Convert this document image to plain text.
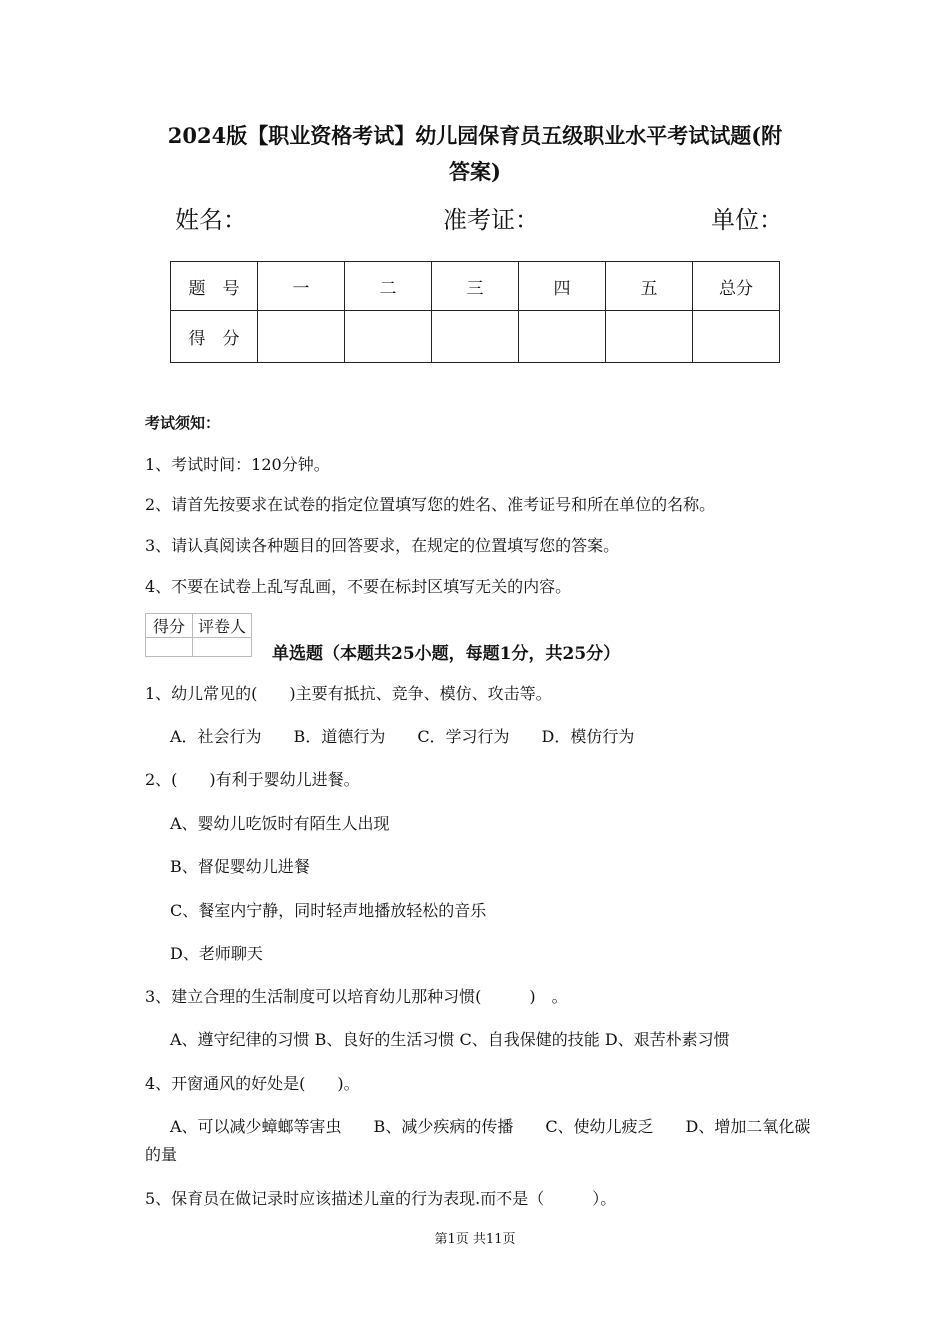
2024版【职业资格考试】幼儿园保育员五级职业水平考试试题(附
答案)
姓名：	准考证：	单位：
题　号	一	二	三	四	五	总分
得　分						
考试须知：
1、考试时间：120分钟。
2、请首先按要求在试卷的指定位置填写您的姓名、准考证号和所在单位的名称。
3、请认真阅读各种题目的回答要求，在规定的位置填写您的答案。
4、不要在试卷上乱写乱画，不要在标封区填写无关的内容。
得分	评卷人

单选题（本题共25小题，每题1分，共25分）
1、幼儿常见的(　　)主要有抵抗、竞争、模仿、攻击等。
A．社会行为　　B．道德行为　　C．学习行为　　D．模仿行为
2、(　　)有利于婴幼儿进餐。
A、婴幼儿吃饭时有陌生人出现
B、督促婴幼儿进餐
C、餐室内宁静，同时轻声地播放轻松的音乐
D、老师聊天
3、建立合理的生活制度可以培育幼儿那种习惯(　　　)　。
A、遵守纪律的习惯 B、良好的生活习惯 C、自我保健的技能 D、艰苦朴素习惯
4、开窗通风的好处是(　　)。
A、可以减少蟑螂等害虫　　B、减少疾病的传播　　C、使幼儿疲乏　　D、增加二氧化碳
的量
5、保育员在做记录时应该描述儿童的行为表现.而不是（　　　）。
第1页 共11页
